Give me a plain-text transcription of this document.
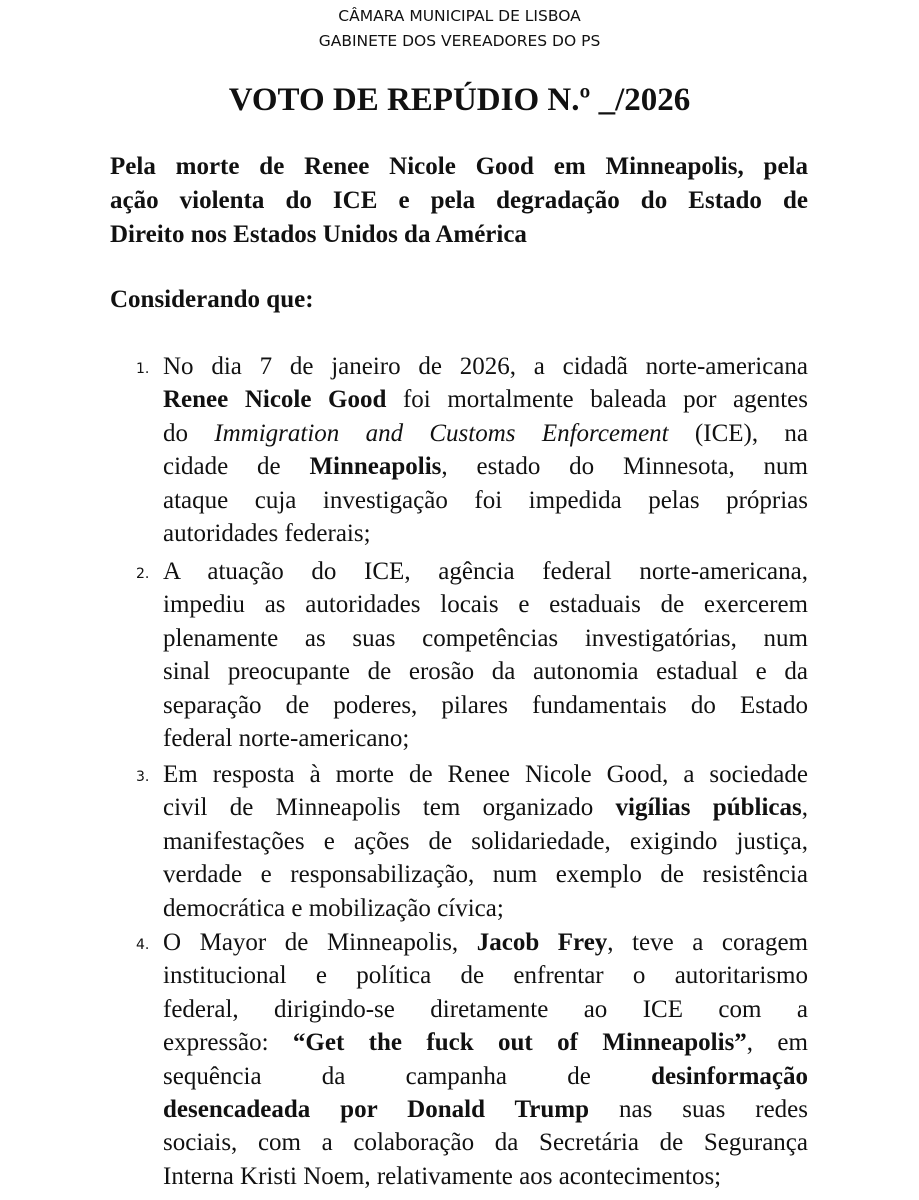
CÂMARA MUNICIPAL DE LISBOA
GABINETE DOS VEREADORES DO PS
VOTO DE REPÚDIO N.º _/2026
Pela morte de Renee Nicole Good em Minneapolis, pela
ação violenta do ICE e pela degradação do Estado de
Direito nos Estados Unidos da América
Considerando que:
1. No dia 7 de janeiro de 2026, a cidadã norte-americana
Renee Nicole Good foi mortalmente baleada por agentes
do Immigration and Customs Enforcement (ICE), na
cidade de Minneapolis, estado do Minnesota, num
ataque cuja investigação foi impedida pelas próprias
autoridades federais;
2. A atuação do ICE, agência federal norte-americana,
impediu as autoridades locais e estaduais de exercerem
plenamente as suas competências investigatórias, num
sinal preocupante de erosão da autonomia estadual e da
separação de poderes, pilares fundamentais do Estado
federal norte-americano;
3. Em resposta à morte de Renee Nicole Good, a sociedade
civil de Minneapolis tem organizado vigílias públicas,
manifestações e ações de solidariedade, exigindo justiça,
verdade e responsabilização, num exemplo de resistência
democrática e mobilização cívica;
4. O Mayor de Minneapolis, Jacob Frey, teve a coragem
institucional e política de enfrentar o autoritarismo
federal, dirigindo-se diretamente ao ICE com a
expressão: “Get the fuck out of Minneapolis”, em
sequência da campanha de desinformação
desencadeada por Donald Trump nas suas redes
sociais, com a colaboração da Secretária de Segurança
Interna Kristi Noem, relativamente aos acontecimentos;
